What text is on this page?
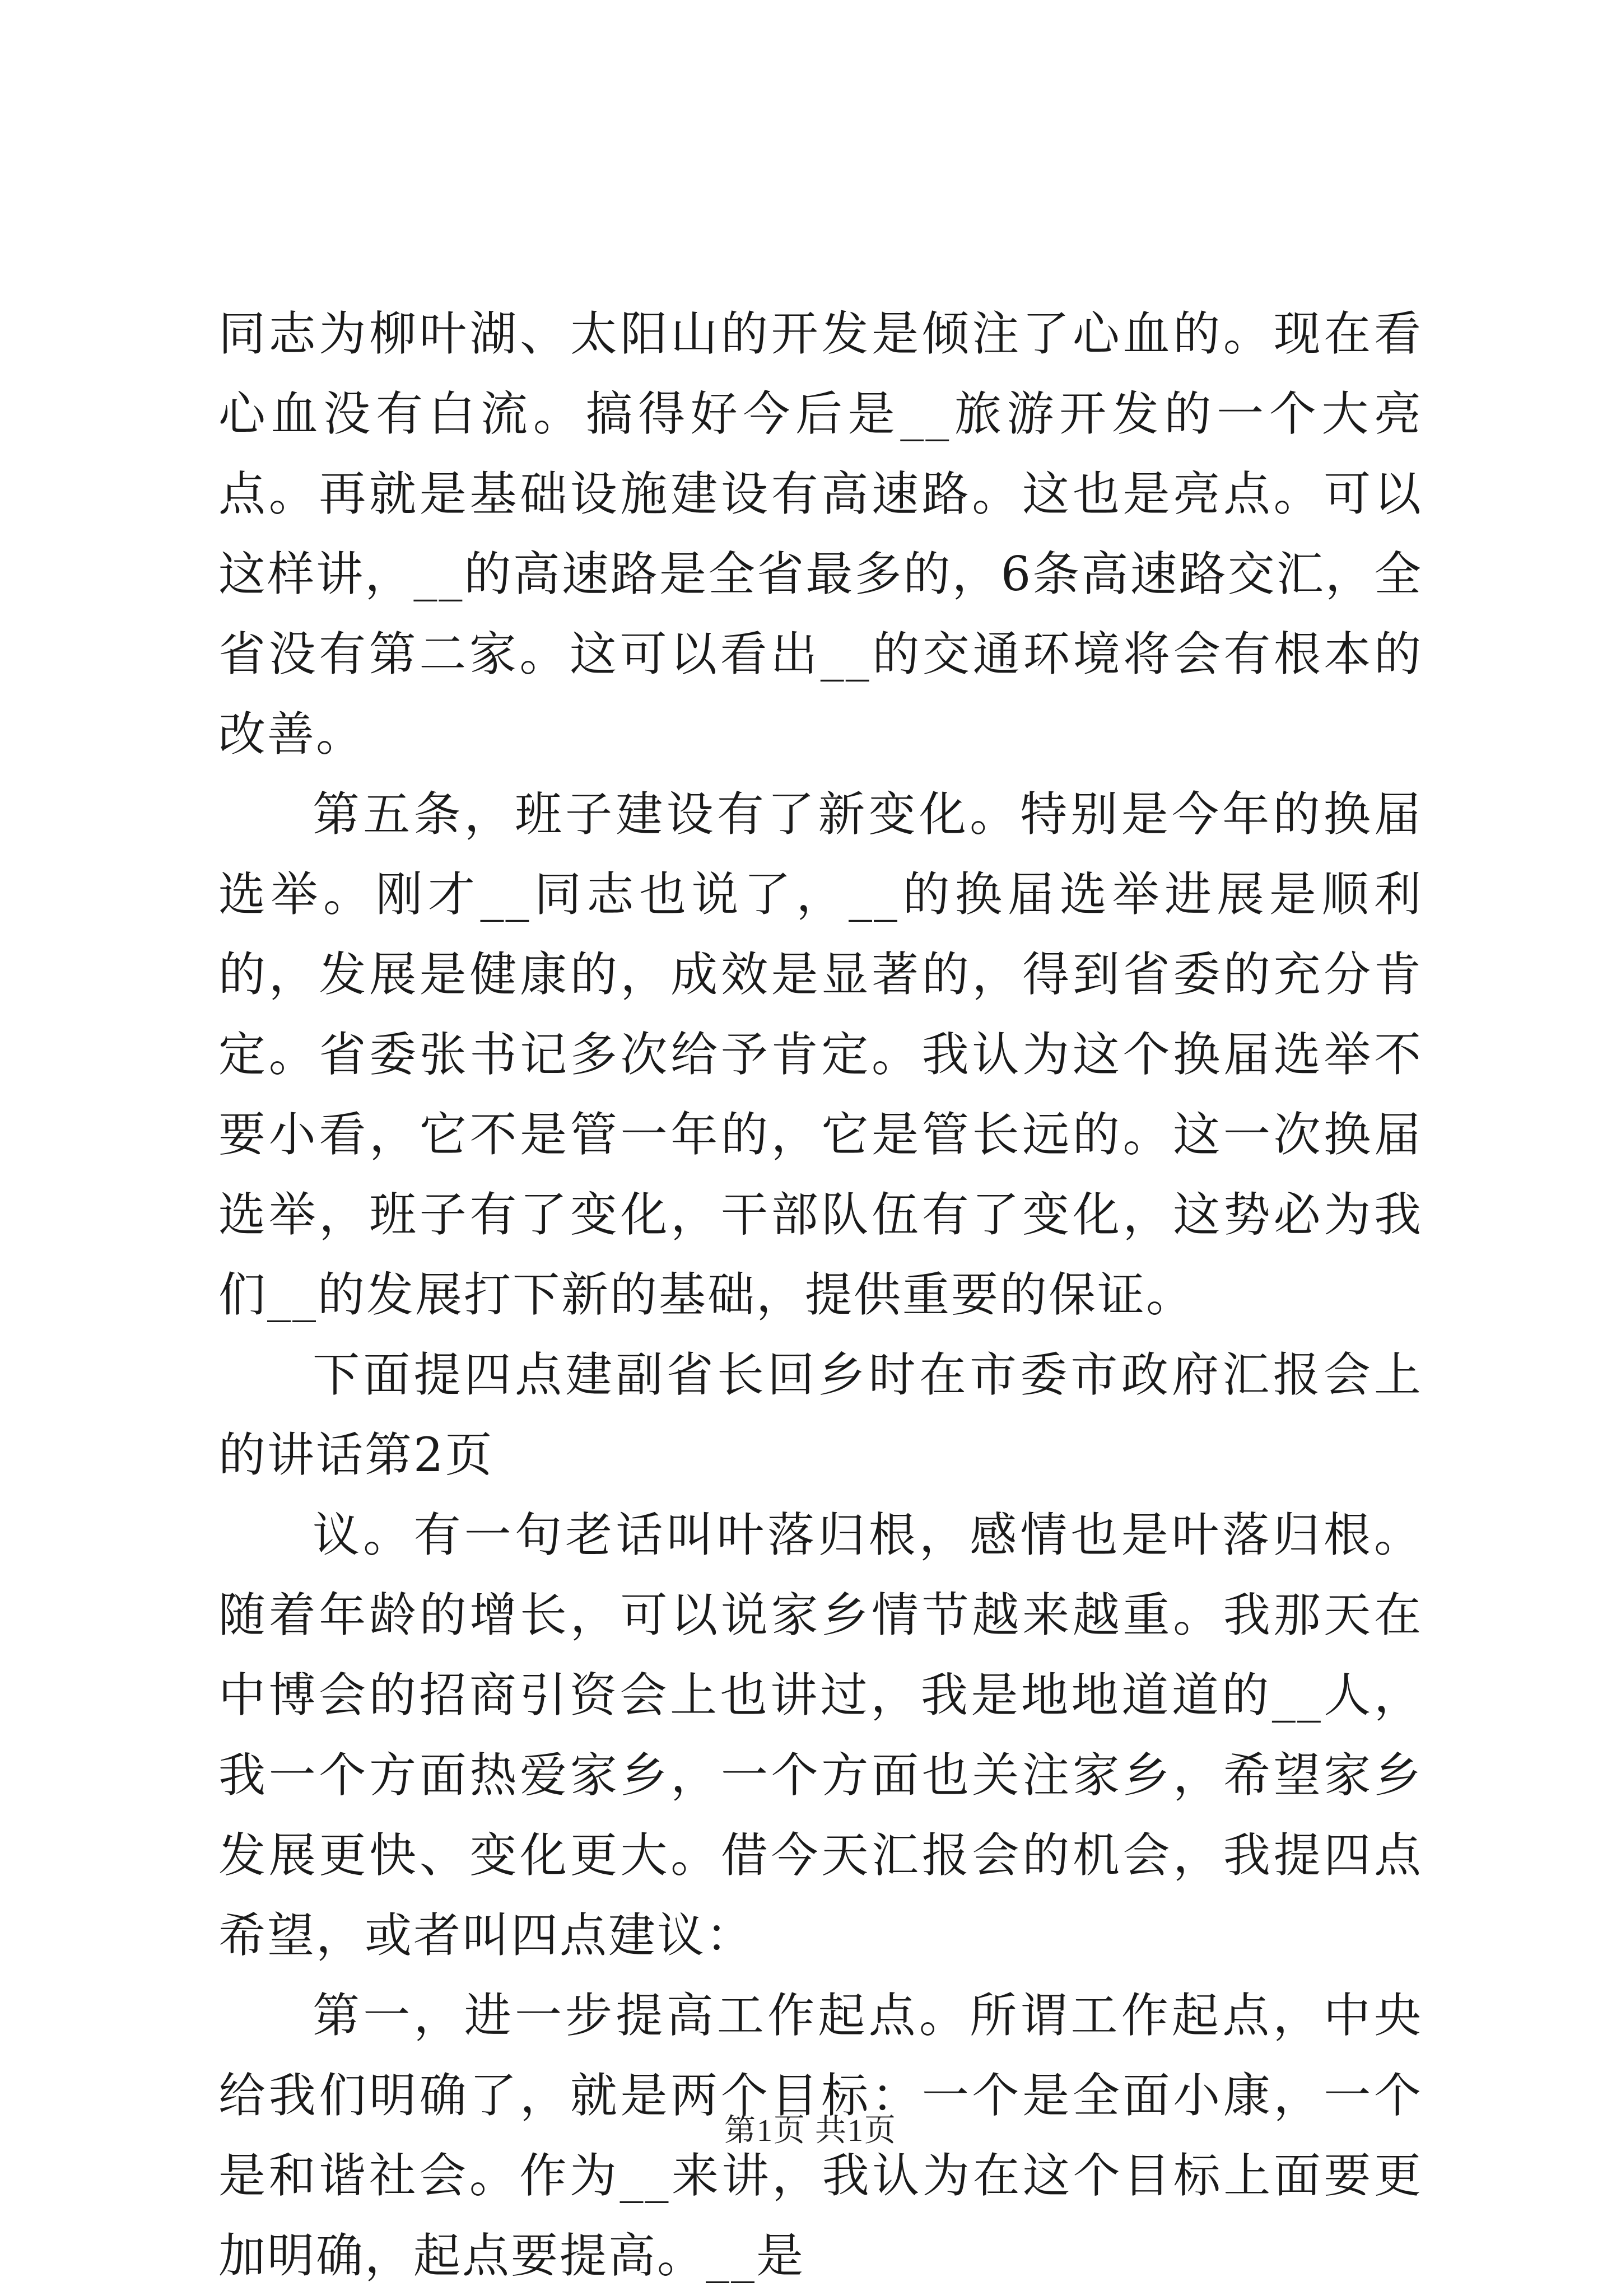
同志为柳叶湖、太阳山的开发是倾注了心血的。现在看心血没有白流。搞得好今后是__旅游开发的一个大亮点。再就是基础设施建设有高速路。这也是亮点。可以这样讲，__的高速路是全省最多的，6条高速路交汇，全省没有第二家。这可以看出__的交通环境将会有根本的改善。

第五条，班子建设有了新变化。特别是今年的换届选举。刚才__同志也说了，__的换届选举进展是顺利的，发展是健康的，成效是显著的，得到省委的充分肯定。省委张书记多次给予肯定。我认为这个换届选举不要小看，它不是管一年的，它是管长远的。这一次换届选举，班子有了变化，干部队伍有了变化，这势必为我们__的发展打下新的基础，提供重要的保证。

下面提四点建副省长回乡时在市委市政府汇报会上的讲话第2页

议。有一句老话叫叶落归根，感情也是叶落归根。随着年龄的增长，可以说家乡情节越来越重。我那天在中博会的招商引资会上也讲过，我是地地道道的__人，我一个方面热爱家乡，一个方面也关注家乡，希望家乡发展更快、变化更大。借今天汇报会的机会，我提四点希望，或者叫四点建议：

第一，进一步提高工作起点。所谓工作起点，中央给我们明确了，就是两个目标：一个是全面小康，一个是和谐社会。作为__来讲，我认为在这个目标上面要更加明确，起点要提高。__是

第1页 共1页
